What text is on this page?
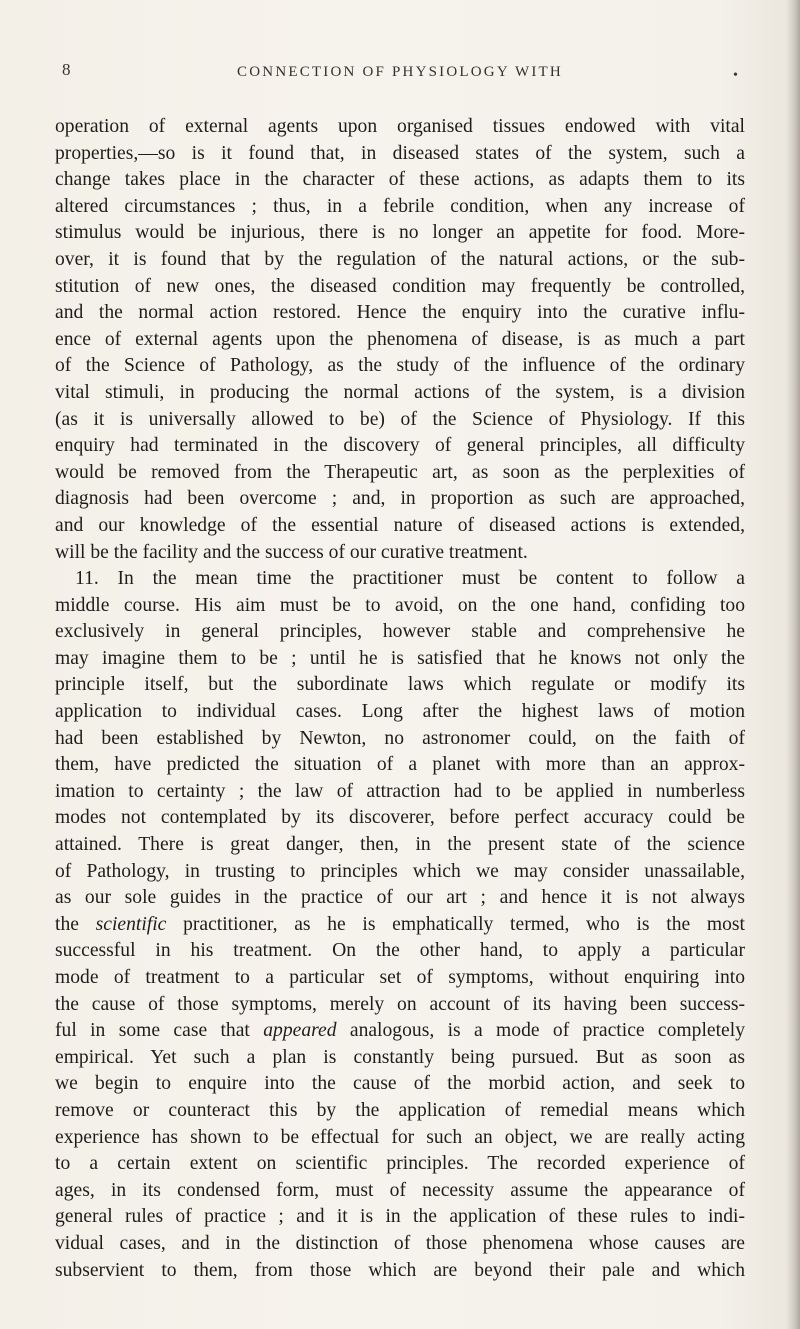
8	CONNECTION OF PHYSIOLOGY WITH	•
operation of external agents upon organised tissues endowed with vital
properties,—so is it found that, in diseased states of the system, such a
change takes place in the character of these actions, as adapts them to its
altered circumstances ; thus, in a febrile condition, when any increase of
stimulus would be injurious, there is no longer an appetite for food. More-
over, it is found that by the regulation of the natural actions, or the sub-
stitution of new ones, the diseased condition may frequently be controlled,
and the normal action restored. Hence the enquiry into the curative influ-
ence of external agents upon the phenomena of disease, is as much a part
of the Science of Pathology, as the study of the influence of the ordinary
vital stimuli, in producing the normal actions of the system, is a division
(as it is universally allowed to be) of the Science of Physiology. If this
enquiry had terminated in the discovery of general principles, all difficulty
would be removed from the Therapeutic art, as soon as the perplexities of
diagnosis had been overcome ; and, in proportion as such are approached,
and our knowledge of the essential nature of diseased actions is extended,
will be the facility and the success of our curative treatment.
11. In the mean time the practitioner must be content to follow a
middle course. His aim must be to avoid, on the one hand, confiding too
exclusively in general principles, however stable and comprehensive he
may imagine them to be ; until he is satisfied that he knows not only the
principle itself, but the subordinate laws which regulate or modify its
application to individual cases. Long after the highest laws of motion
had been established by Newton, no astronomer could, on the faith of
them, have predicted the situation of a planet with more than an approx-
imation to certainty ; the law of attraction had to be applied in numberless
modes not contemplated by its discoverer, before perfect accuracy could be
attained. There is great danger, then, in the present state of the science
of Pathology, in trusting to principles which we may consider unassailable,
as our sole guides in the practice of our art ; and hence it is not always
the scientific practitioner, as he is emphatically termed, who is the most
successful in his treatment. On the other hand, to apply a particular
mode of treatment to a particular set of symptoms, without enquiring into
the cause of those symptoms, merely on account of its having been success-
ful in some case that appeared analogous, is a mode of practice completely
empirical. Yet such a plan is constantly being pursued. But as soon as
we begin to enquire into the cause of the morbid action, and seek to
remove or counteract this by the application of remedial means which
experience has shown to be effectual for such an object, we are really acting
to a certain extent on scientific principles. The recorded experience of
ages, in its condensed form, must of necessity assume the appearance of
general rules of practice ; and it is in the application of these rules to indi-
vidual cases, and in the distinction of those phenomena whose causes are
subservient to them, from those which are beyond their pale and which
